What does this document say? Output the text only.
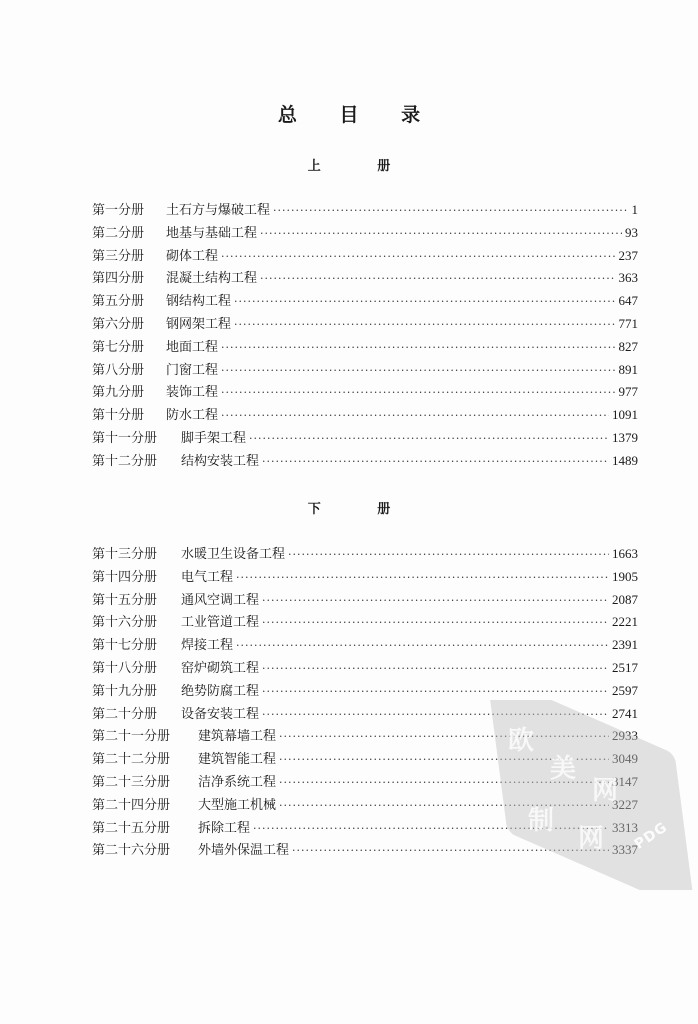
总 目 录
上 册
第一分册	土石方与爆破工程 ·····	1
第二分册	地基与基础工程 ·····	93
第三分册	砌体工程 ·····	237
第四分册	混凝土结构工程 ·····	363
第五分册	钢结构工程 ·····	647
第六分册	钢网架工程 ·····	771
第七分册	地面工程 ·····	827
第八分册	门窗工程 ·····	891
第九分册	装饰工程 ·····	977
第十分册	防水工程 ·····	1091
第十一分册	脚手架工程 ·····	1379
第十二分册	结构安装工程 ·····	1489
下 册
第十三分册	水暖卫生设备工程 ·····	1663
第十四分册	电气工程 ·····	1905
第十五分册	通风空调工程 ·····	2087
第十六分册	工业管道工程 ·····	2221
第十七分册	焊接工程 ·····	2391
第十八分册	窑炉砌筑工程 ·····	2517
第十九分册	绝势防腐工程 ·····	2597
第二十分册	设备安装工程 ·····	2741
第二十一分册	建筑幕墙工程 ·····	2933
第二十二分册	建筑智能工程 ·····	3049
第二十三分册	洁净系统工程 ·····	3147
第二十四分册	大型施工机械 ·····	3227
第二十五分册	拆除工程 ·····	3313
第二十六分册	外墙外保温工程 ·····	3337
欧
美
网
制
网 PDG
